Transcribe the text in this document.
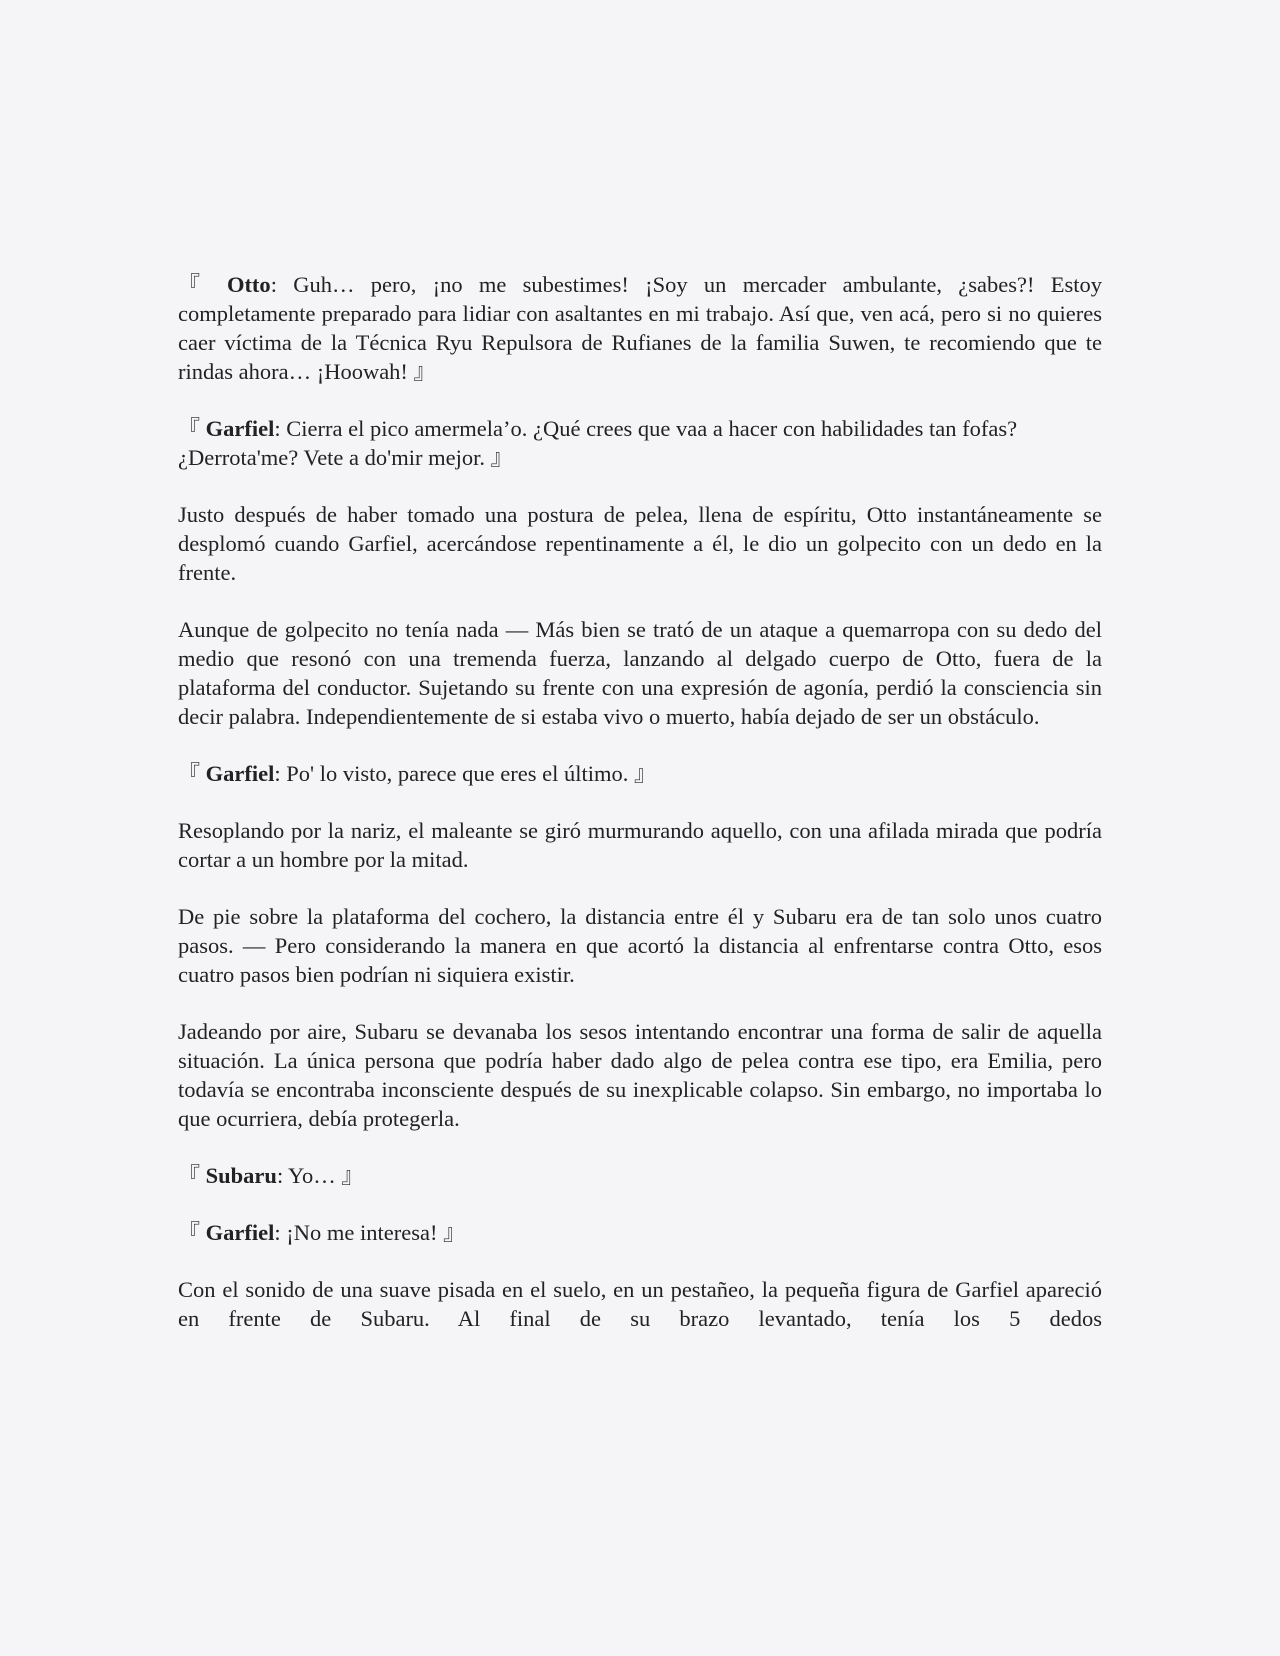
『 Otto: Guh… pero, ¡no me subestimes! ¡Soy un mercader ambulante, ¿sabes?! Estoy completamente preparado para lidiar con asaltantes en mi trabajo. Así que, ven acá, pero si no quieres caer víctima de la Técnica Ryu Repulsora de Rufianes de la familia Suwen, te recomiendo que te rindas ahora… ¡Hoowah! 』

『 Garfiel: Cierra el pico amermela’o. ¿Qué crees que vaa a hacer con habilidades tan fofas? ¿Derrota'me? Vete a do'mir mejor. 』

Justo después de haber tomado una postura de pelea, llena de espíritu, Otto instantáneamente se desplomó cuando Garfiel, acercándose repentinamente a él, le dio un golpecito con un dedo en la frente.

Aunque de golpecito no tenía nada — Más bien se trató de un ataque a quemarropa con su dedo del medio que resonó con una tremenda fuerza, lanzando al delgado cuerpo de Otto, fuera de la plataforma del conductor. Sujetando su frente con una expresión de agonía, perdió la consciencia sin decir palabra. Independientemente de si estaba vivo o muerto, había dejado de ser un obstáculo.

『 Garfiel: Po' lo visto, parece que eres el último. 』

Resoplando por la nariz, el maleante se giró murmurando aquello, con una afilada mirada que podría cortar a un hombre por la mitad.

De pie sobre la plataforma del cochero, la distancia entre él y Subaru era de tan solo unos cuatro pasos. — Pero considerando la manera en que acortó la distancia al enfrentarse contra Otto, esos cuatro pasos bien podrían ni siquiera existir.

Jadeando por aire, Subaru se devanaba los sesos intentando encontrar una forma de salir de aquella situación. La única persona que podría haber dado algo de pelea contra ese tipo, era Emilia, pero todavía se encontraba inconsciente después de su inexplicable colapso. Sin embargo, no importaba lo que ocurriera, debía protegerla.

『 Subaru: Yo… 』

『 Garfiel: ¡No me interesa! 』

Con el sonido de una suave pisada en el suelo, en un pestañeo, la pequeña figura de Garfiel apareció en frente de Subaru. Al final de su brazo levantado, tenía los 5 dedos
